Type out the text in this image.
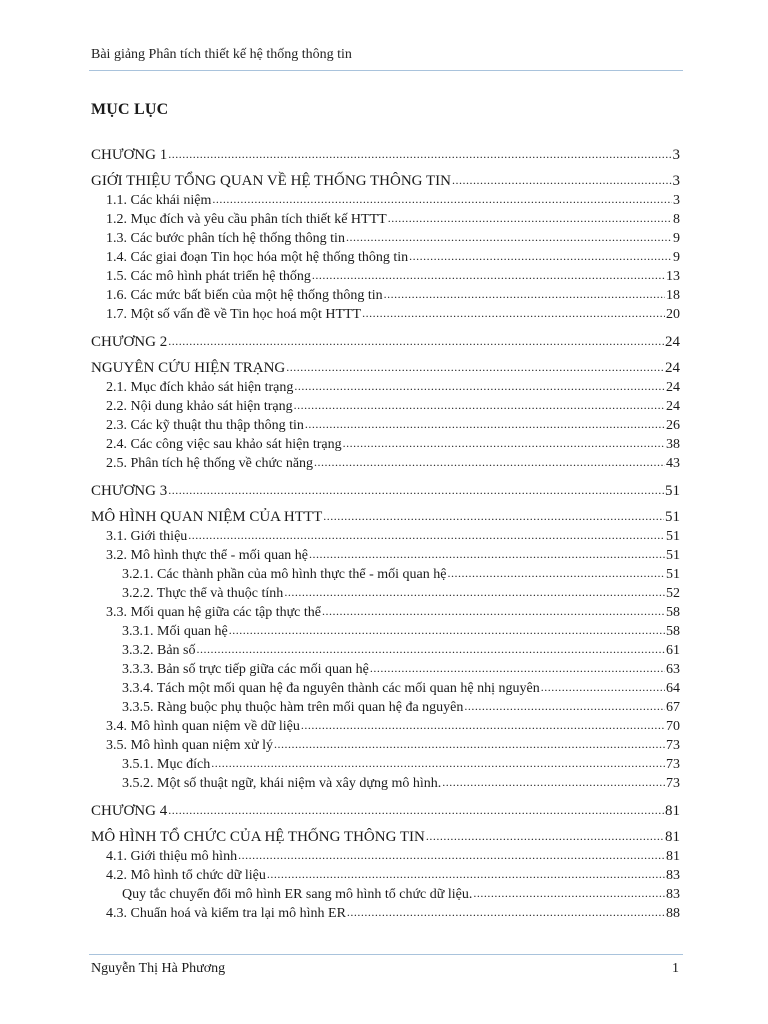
Bài giảng Phân tích thiết kế hệ thống thông tin
MỤC LỤC
CHƯƠNG 1 .....	3
GIỚI THIỆU TỔNG QUAN VỀ HỆ THỐNG THÔNG TIN .....	3
1.1. Các khái niệm .....	3
1.2. Mục đích và yêu cầu phân tích thiết kế HTTT .....	8
1.3. Các bước phân tích hệ thống thông tin .....	9
1.4. Các giai đoạn Tin học hóa một hệ thống thông tin .....	9
1.5. Các mô hình phát triển hệ thống .....	13
1.6. Các mức bất biến của một hệ thống thông tin .....	18
1.7. Một số vấn đề về Tin học hoá một HTTT .....	20
CHƯƠNG 2 .....	24
NGUYÊN CỨU HIỆN TRẠNG .....	24
2.1. Mục đích khảo sát hiện trạng .....	24
2.2. Nội dung khảo sát hiện trạng .....	24
2.3. Các kỹ thuật thu thập thông tin .....	26
2.4. Các công việc sau khảo sát hiện trạng .....	38
2.5. Phân tích hệ thống về chức năng .....	43
CHƯƠNG 3 .....	51
MÔ HÌNH QUAN NIỆM CỦA HTTT .....	51
3.1. Giới thiệu .....	51
3.2. Mô hình thực thể - mối quan hệ .....	51
3.2.1. Các thành phần của mô hình thực thể - mối quan hệ .....	51
3.2.2. Thực thể và thuộc tính .....	52
3.3. Mối quan hệ giữa các tập thực thể .....	58
3.3.1. Mối quan hệ .....	58
3.3.2. Bản số .....	61
3.3.3. Bản số trực tiếp giữa các mối quan hệ .....	63
3.3.4. Tách một mối quan hệ đa nguyên thành các mối quan hệ nhị nguyên .....	64
3.3.5. Ràng buộc phụ thuộc hàm trên mối quan hệ đa nguyên .....	67
3.4. Mô hình quan niệm về dữ liệu .....	70
3.5. Mô hình quan niệm xử lý .....	73
3.5.1. Mục đích .....	73
3.5.2. Một số thuật ngữ, khái niệm và xây dựng mô hình. .....	73
CHƯƠNG 4 .....	81
MÔ HÌNH TỔ CHỨC CỦA HỆ THỐNG THÔNG TIN .....	81
4.1. Giới thiệu mô hình .....	81
4.2. Mô hình tổ chức dữ liệu .....	83
Quy tắc chuyển đổi mô hình ER sang mô hình tổ chức dữ liệu. .....	83
4.3. Chuẩn hoá và kiểm tra lại mô hình ER .....	88
Nguyễn Thị Hà Phương	1
